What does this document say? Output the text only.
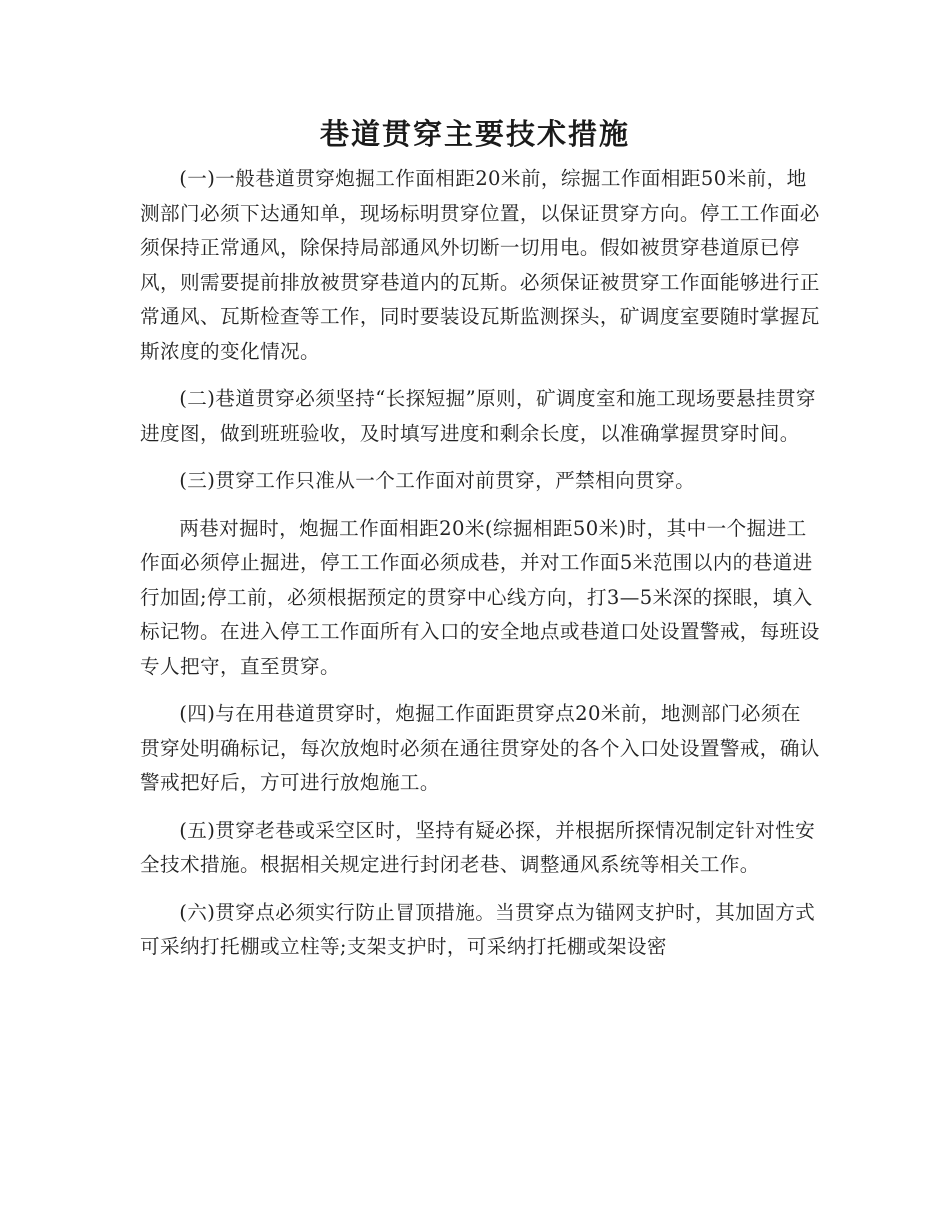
巷道贯穿主要技术措施

(一)一般巷道贯穿炮掘工作面相距20米前，综掘工作面相距50米前，地测部门必须下达通知单，现场标明贯穿位置，以保证贯穿方向。停工工作面必须保持正常通风，除保持局部通风外切断一切用电。假如被贯穿巷道原已停风，则需要提前排放被贯穿巷道内的瓦斯。必须保证被贯穿工作面能够进行正常通风、瓦斯检查等工作，同时要装设瓦斯监测探头，矿调度室要随时掌握瓦斯浓度的变化情况。

(二)巷道贯穿必须坚持“长探短掘”原则，矿调度室和施工现场要悬挂贯穿进度图，做到班班验收，及时填写进度和剩余长度，以准确掌握贯穿时间。

(三)贯穿工作只准从一个工作面对前贯穿，严禁相向贯穿。

两巷对掘时，炮掘工作面相距20米(综掘相距50米)时，其中一个掘进工作面必须停止掘进，停工工作面必须成巷，并对工作面5米范围以内的巷道进行加固;停工前，必须根据预定的贯穿中心线方向，打3—5米深的探眼，填入标记物。在进入停工工作面所有入口的安全地点或巷道口处设置警戒，每班设专人把守，直至贯穿。

(四)与在用巷道贯穿时，炮掘工作面距贯穿点20米前，地测部门必须在贯穿处明确标记，每次放炮时必须在通往贯穿处的各个入口处设置警戒，确认警戒把好后，方可进行放炮施工。

(五)贯穿老巷或采空区时，坚持有疑必探，并根据所探情况制定针对性安全技术措施。根据相关规定进行封闭老巷、调整通风系统等相关工作。

(六)贯穿点必须实行防止冒顶措施。当贯穿点为锚网支护时，其加固方式可采纳打托棚或立柱等;支架支护时，可采纳打托棚或架设密
